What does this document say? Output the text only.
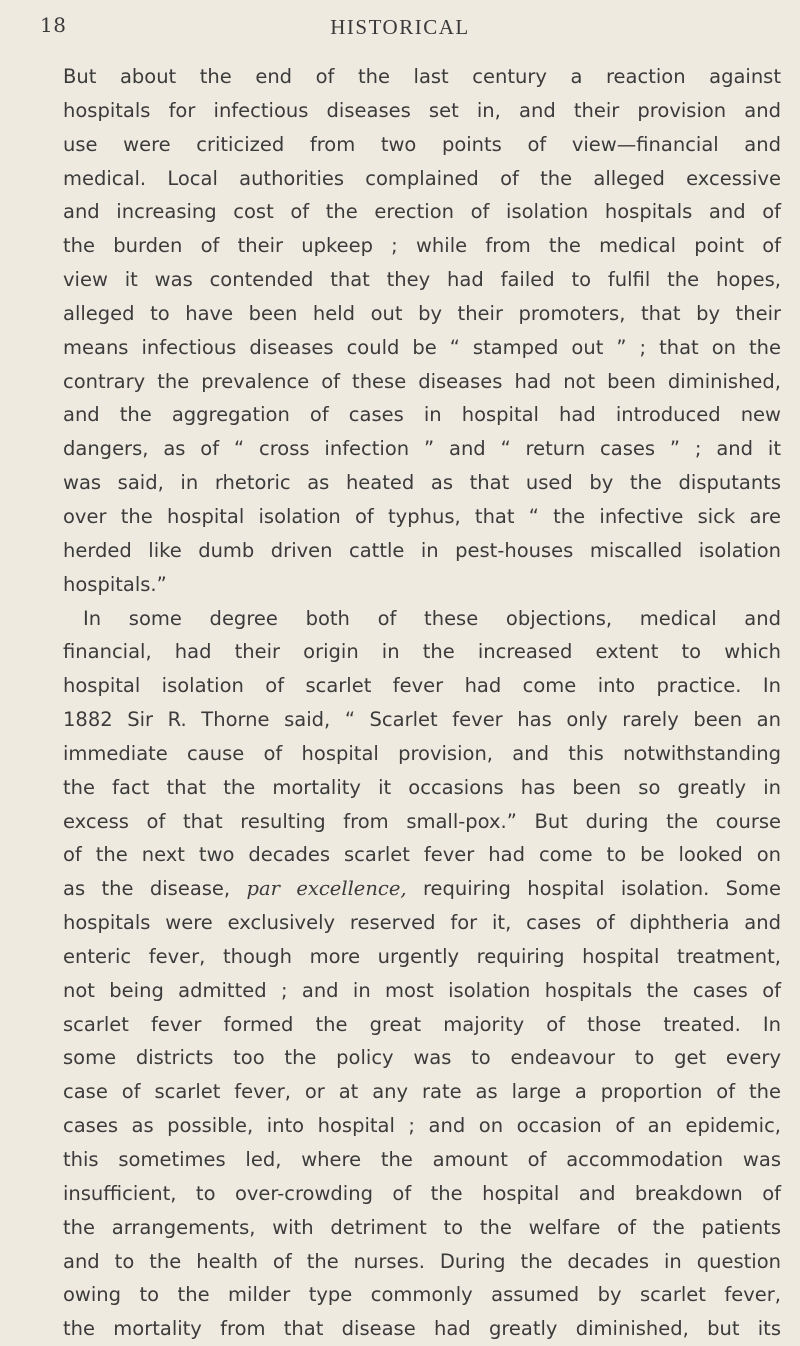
18	HISTORICAL
But about the end of the last century a reaction against
hospitals for infectious diseases set in, and their provision and
use were criticized from two points of view—financial and
medical. Local authorities complained of the alleged excessive
and increasing cost of the erection of isolation hospitals and of
the burden of their upkeep ; while from the medical point of
view it was contended that they had failed to fulfil the hopes,
alleged to have been held out by their promoters, that by their
means infectious diseases could be “ stamped out ” ; that on the
contrary the prevalence of these diseases had not been diminished,
and the aggregation of cases in hospital had introduced new
dangers, as of “ cross infection ” and “ return cases ” ; and it
was said, in rhetoric as heated as that used by the disputants
over the hospital isolation of typhus, that “ the infective sick are
herded like dumb driven cattle in pest-houses miscalled isolation
hospitals.”
In some degree both of these objections, medical and
financial, had their origin in the increased extent to which
hospital isolation of scarlet fever had come into practice. In
1882 Sir R. Thorne said, “ Scarlet fever has only rarely been an
immediate cause of hospital provision, and this notwithstanding
the fact that the mortality it occasions has been so greatly in
excess of that resulting from small-pox.” But during the course
of the next two decades scarlet fever had come to be looked on
as the disease, par excellence, requiring hospital isolation. Some
hospitals were exclusively reserved for it, cases of diphtheria and
enteric fever, though more urgently requiring hospital treatment,
not being admitted ; and in most isolation hospitals the cases of
scarlet fever formed the great majority of those treated. In
some districts too the policy was to endeavour to get every
case of scarlet fever, or at any rate as large a proportion of the
cases as possible, into hospital ; and on occasion of an epidemic,
this sometimes led, where the amount of accommodation was
insufficient, to over-crowding of the hospital and breakdown of
the arrangements, with detriment to the welfare of the patients
and to the health of the nurses. During the decades in question
owing to the milder type commonly assumed by scarlet fever,
the mortality from that disease had greatly diminished, but its
